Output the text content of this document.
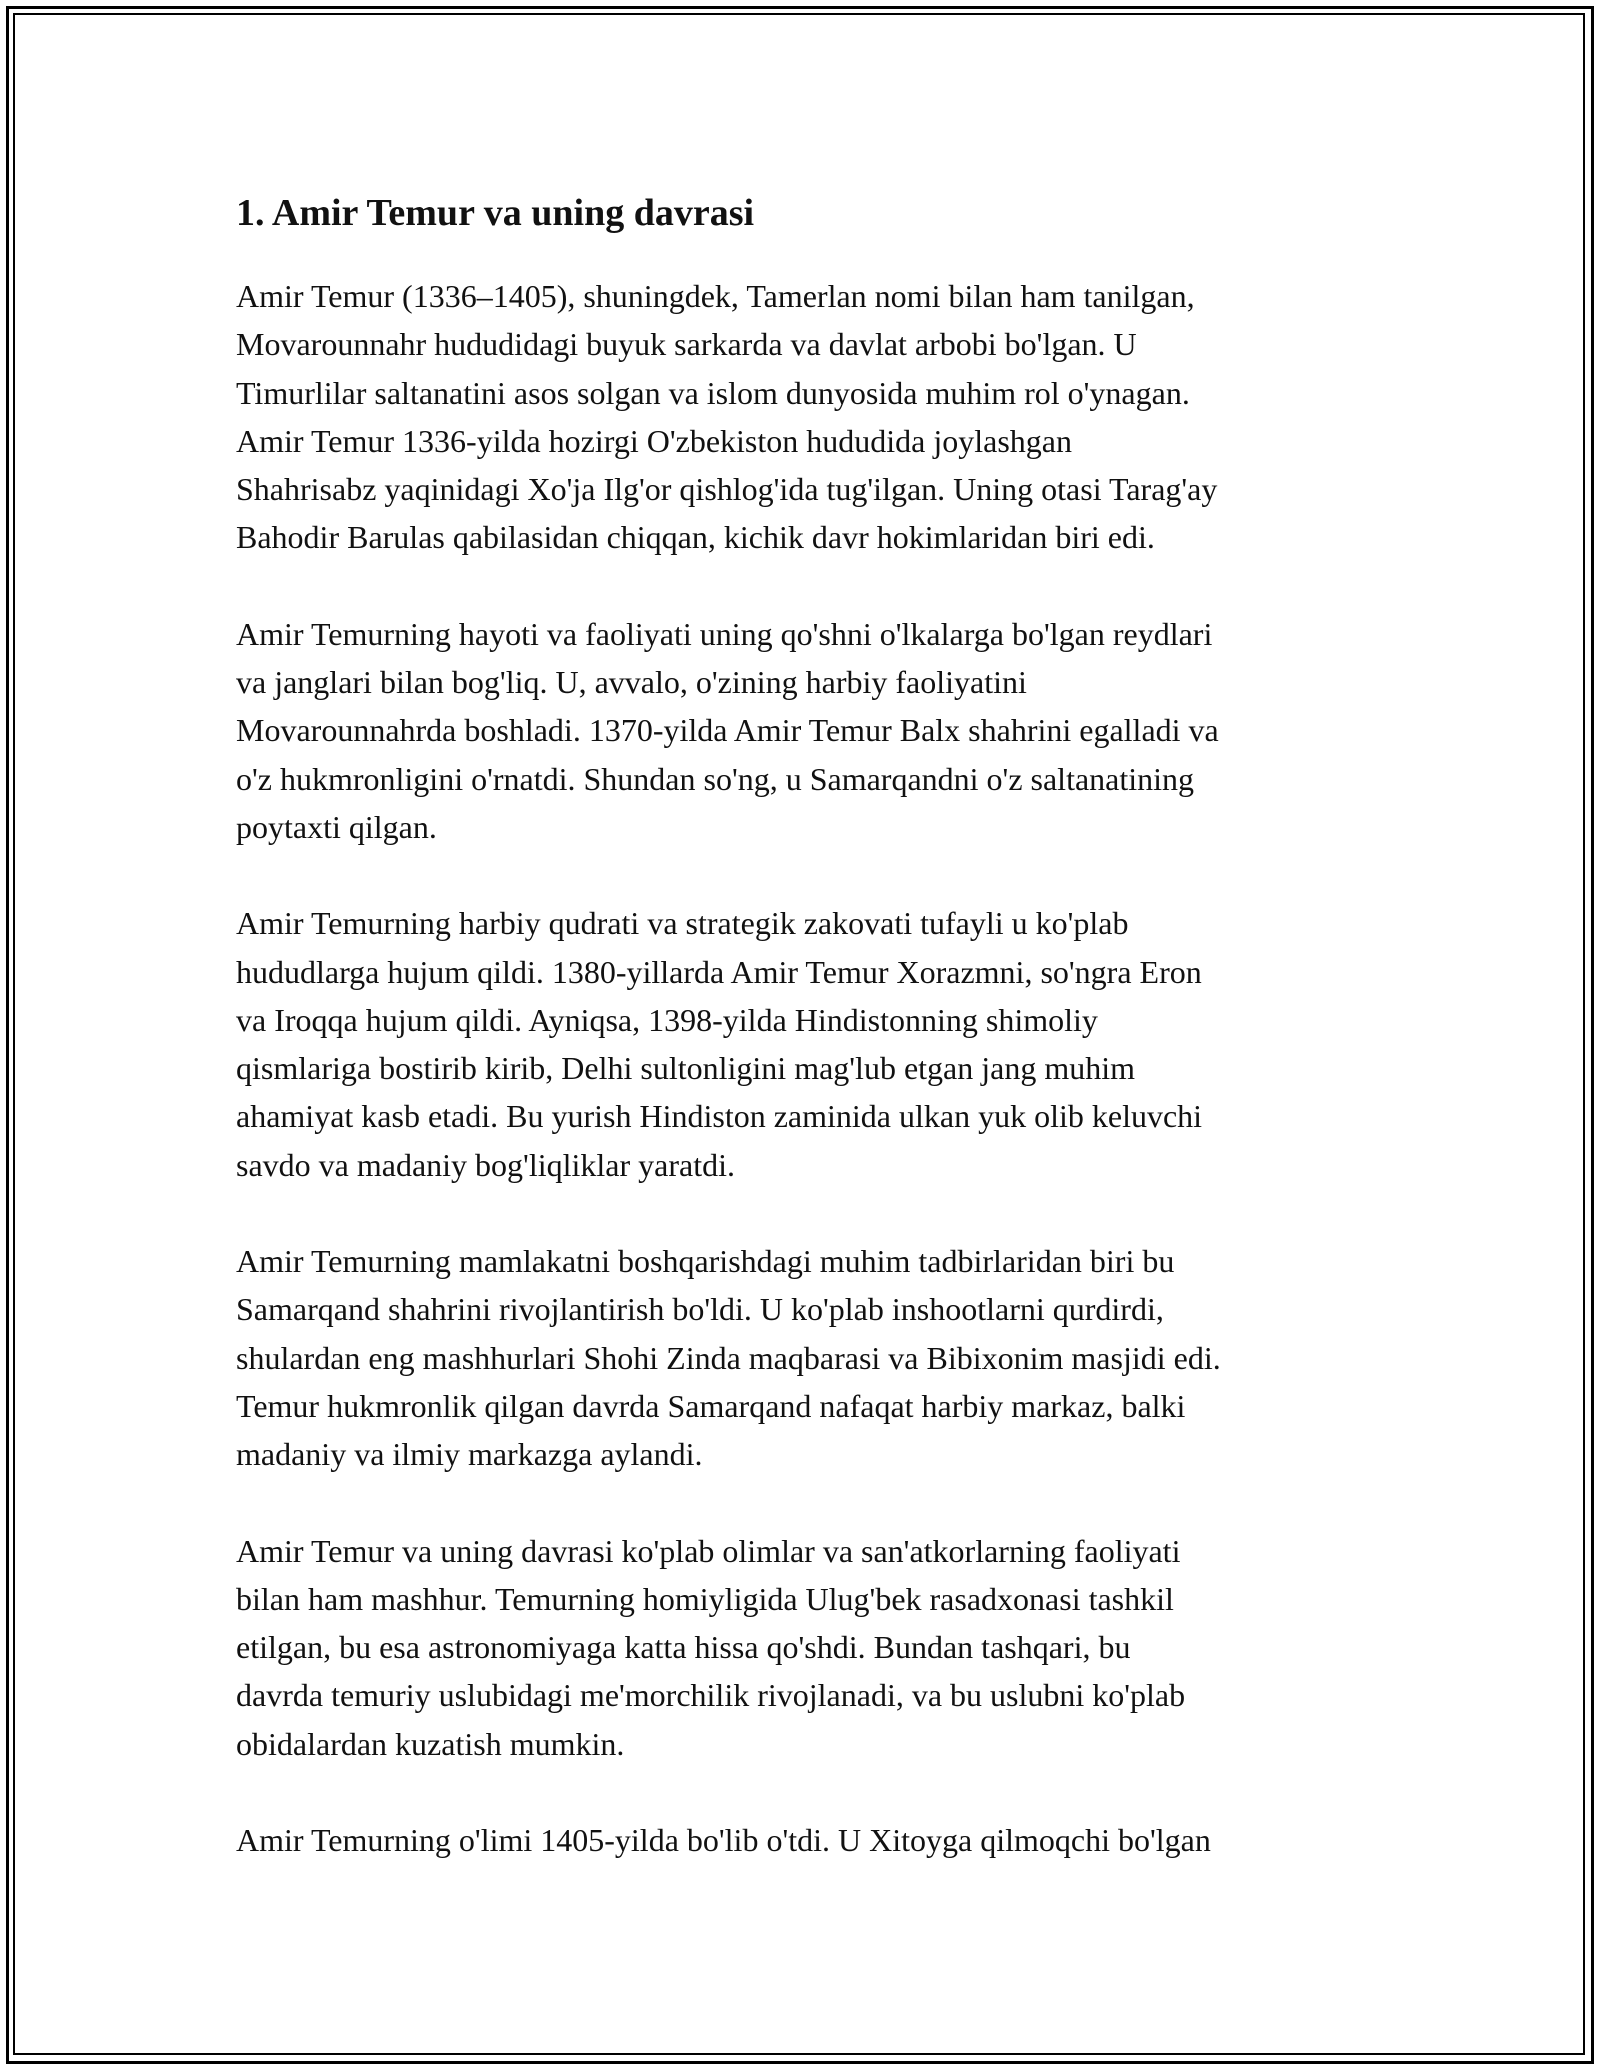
1. Amir Temur va uning davrasi

Amir Temur (1336–1405), shuningdek, Tamerlan nomi bilan ham tanilgan,
Movarounnahr hududidagi buyuk sarkarda va davlat arbobi bo'lgan. U
Timurlilar saltanatini asos solgan va islom dunyosida muhim rol o'ynagan.
Amir Temur 1336-yilda hozirgi O'zbekiston hududida joylashgan
Shahrisabz yaqinidagi Xo'ja Ilg'or qishlog'ida tug'ilgan. Uning otasi Tarag'ay
Bahodir Barulas qabilasidan chiqqan, kichik davr hokimlaridan biri edi.

Amir Temurning hayoti va faoliyati uning qo'shni o'lkalarga bo'lgan reydlari
va janglari bilan bog'liq. U, avvalo, o'zining harbiy faoliyatini
Movarounnahrda boshladi. 1370-yilda Amir Temur Balx shahrini egalladi va
o'z hukmronligini o'rnatdi. Shundan so'ng, u Samarqandni o'z saltanatining
poytaxti qilgan.

Amir Temurning harbiy qudrati va strategik zakovati tufayli u ko'plab
hududlarga hujum qildi. 1380-yillarda Amir Temur Xorazmni, so'ngra Eron
va Iroqqa hujum qildi. Ayniqsa, 1398-yilda Hindistonning shimoliy
qismlariga bostirib kirib, Delhi sultonligini mag'lub etgan jang muhim
ahamiyat kasb etadi. Bu yurish Hindiston zaminida ulkan yuk olib keluvchi
savdo va madaniy bog'liqliklar yaratdi.

Amir Temurning mamlakatni boshqarishdagi muhim tadbirlaridan biri bu
Samarqand shahrini rivojlantirish bo'ldi. U ko'plab inshootlarni qurdirdi,
shulardan eng mashhurlari Shohi Zinda maqbarasi va Bibixonim masjidi edi.
Temur hukmronlik qilgan davrda Samarqand nafaqat harbiy markaz, balki
madaniy va ilmiy markazga aylandi.

Amir Temur va uning davrasi ko'plab olimlar va san'atkorlarning faoliyati
bilan ham mashhur. Temurning homiyligida Ulug'bek rasadxonasi tashkil
etilgan, bu esa astronomiyaga katta hissa qo'shdi. Bundan tashqari, bu
davrda temuriy uslubidagi me'morchilik rivojlanadi, va bu uslubni ko'plab
obidalardan kuzatish mumkin.

Amir Temurning o'limi 1405-yilda bo'lib o'tdi. U Xitoyga qilmoqchi bo'lgan
